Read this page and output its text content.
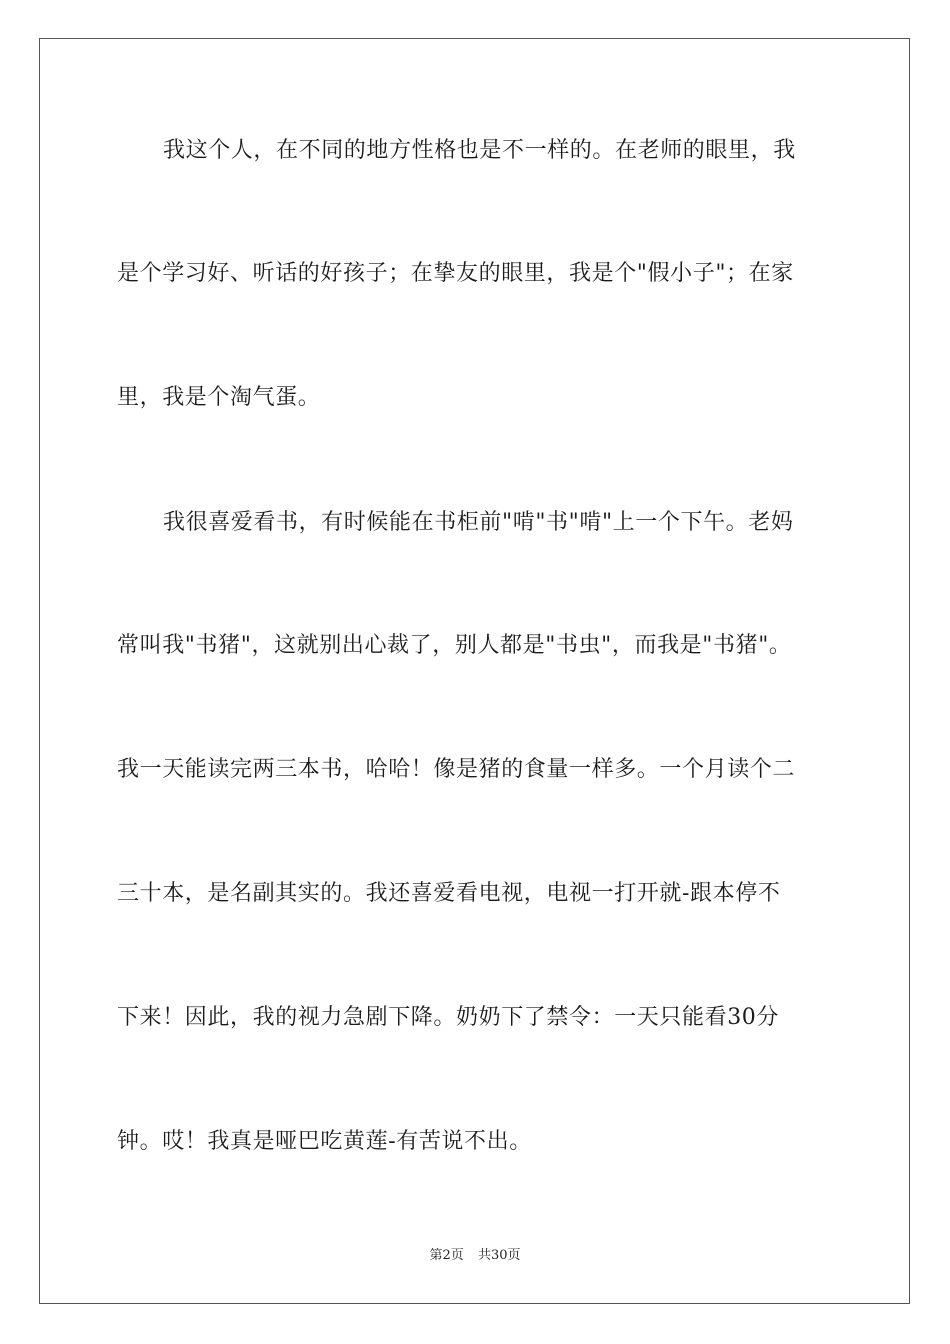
我这个人，在不同的地方性格也是不一样的。在老师的眼里，我
是个学习好、听话的好孩子；在挚友的眼里，我是个"假小子"；在家
里，我是个淘气蛋。
我很喜爱看书，有时候能在书柜前"啃"书"啃"上一个下午。老妈
常叫我"书猪"，这就别出心裁了，别人都是"书虫"，而我是"书猪"。
我一天能读完两三本书，哈哈！像是猪的食量一样多。一个月读个二
三十本，是名副其实的。我还喜爱看电视，电视一打开就-跟本停不
下来！因此，我的视力急剧下降。奶奶下了禁令：一天只能看30分
钟。哎！我真是哑巴吃黄莲-有苦说不出。
第2页 共30页
